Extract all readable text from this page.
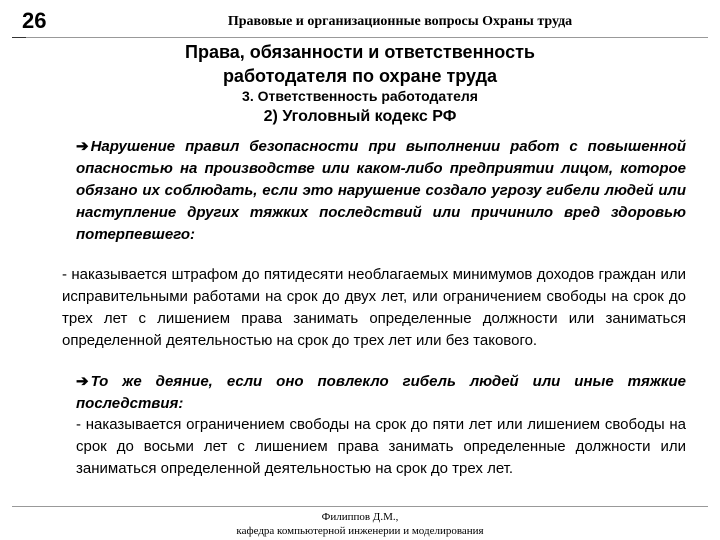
26	Правовые и организационные вопросы Охраны труда
Права, обязанности и ответственность
работодателя по охране труда
3. Ответственность работодателя
2) Уголовный кодекс РФ
➔ Нарушение правил безопасности при выполнении работ с повышенной опасностью на производстве или каком-либо предприятии лицом, которое обязано их соблюдать, если это нарушение создало угрозу гибели людей или наступление других тяжких последствий или причинило вред здоровью потерпевшего:
- наказывается штрафом до пятидесяти необлагаемых минимумов доходов граждан или исправительными работами на срок до двух лет, или ограничением свободы на срок до трех лет с лишением права занимать определенные должности или заниматься определенной деятельностью на срок до трех лет или без такового.
➔ То же деяние, если оно повлекло гибель людей или иные тяжкие последствия:
- наказывается ограничением свободы на срок до пяти лет или лишением свободы на срок до восьми лет с лишением права занимать определенные должности или заниматься определенной деятельностью на срок до трех лет.
Филиппов Д.М.,
кафедра компьютерной инженерии и моделирования
